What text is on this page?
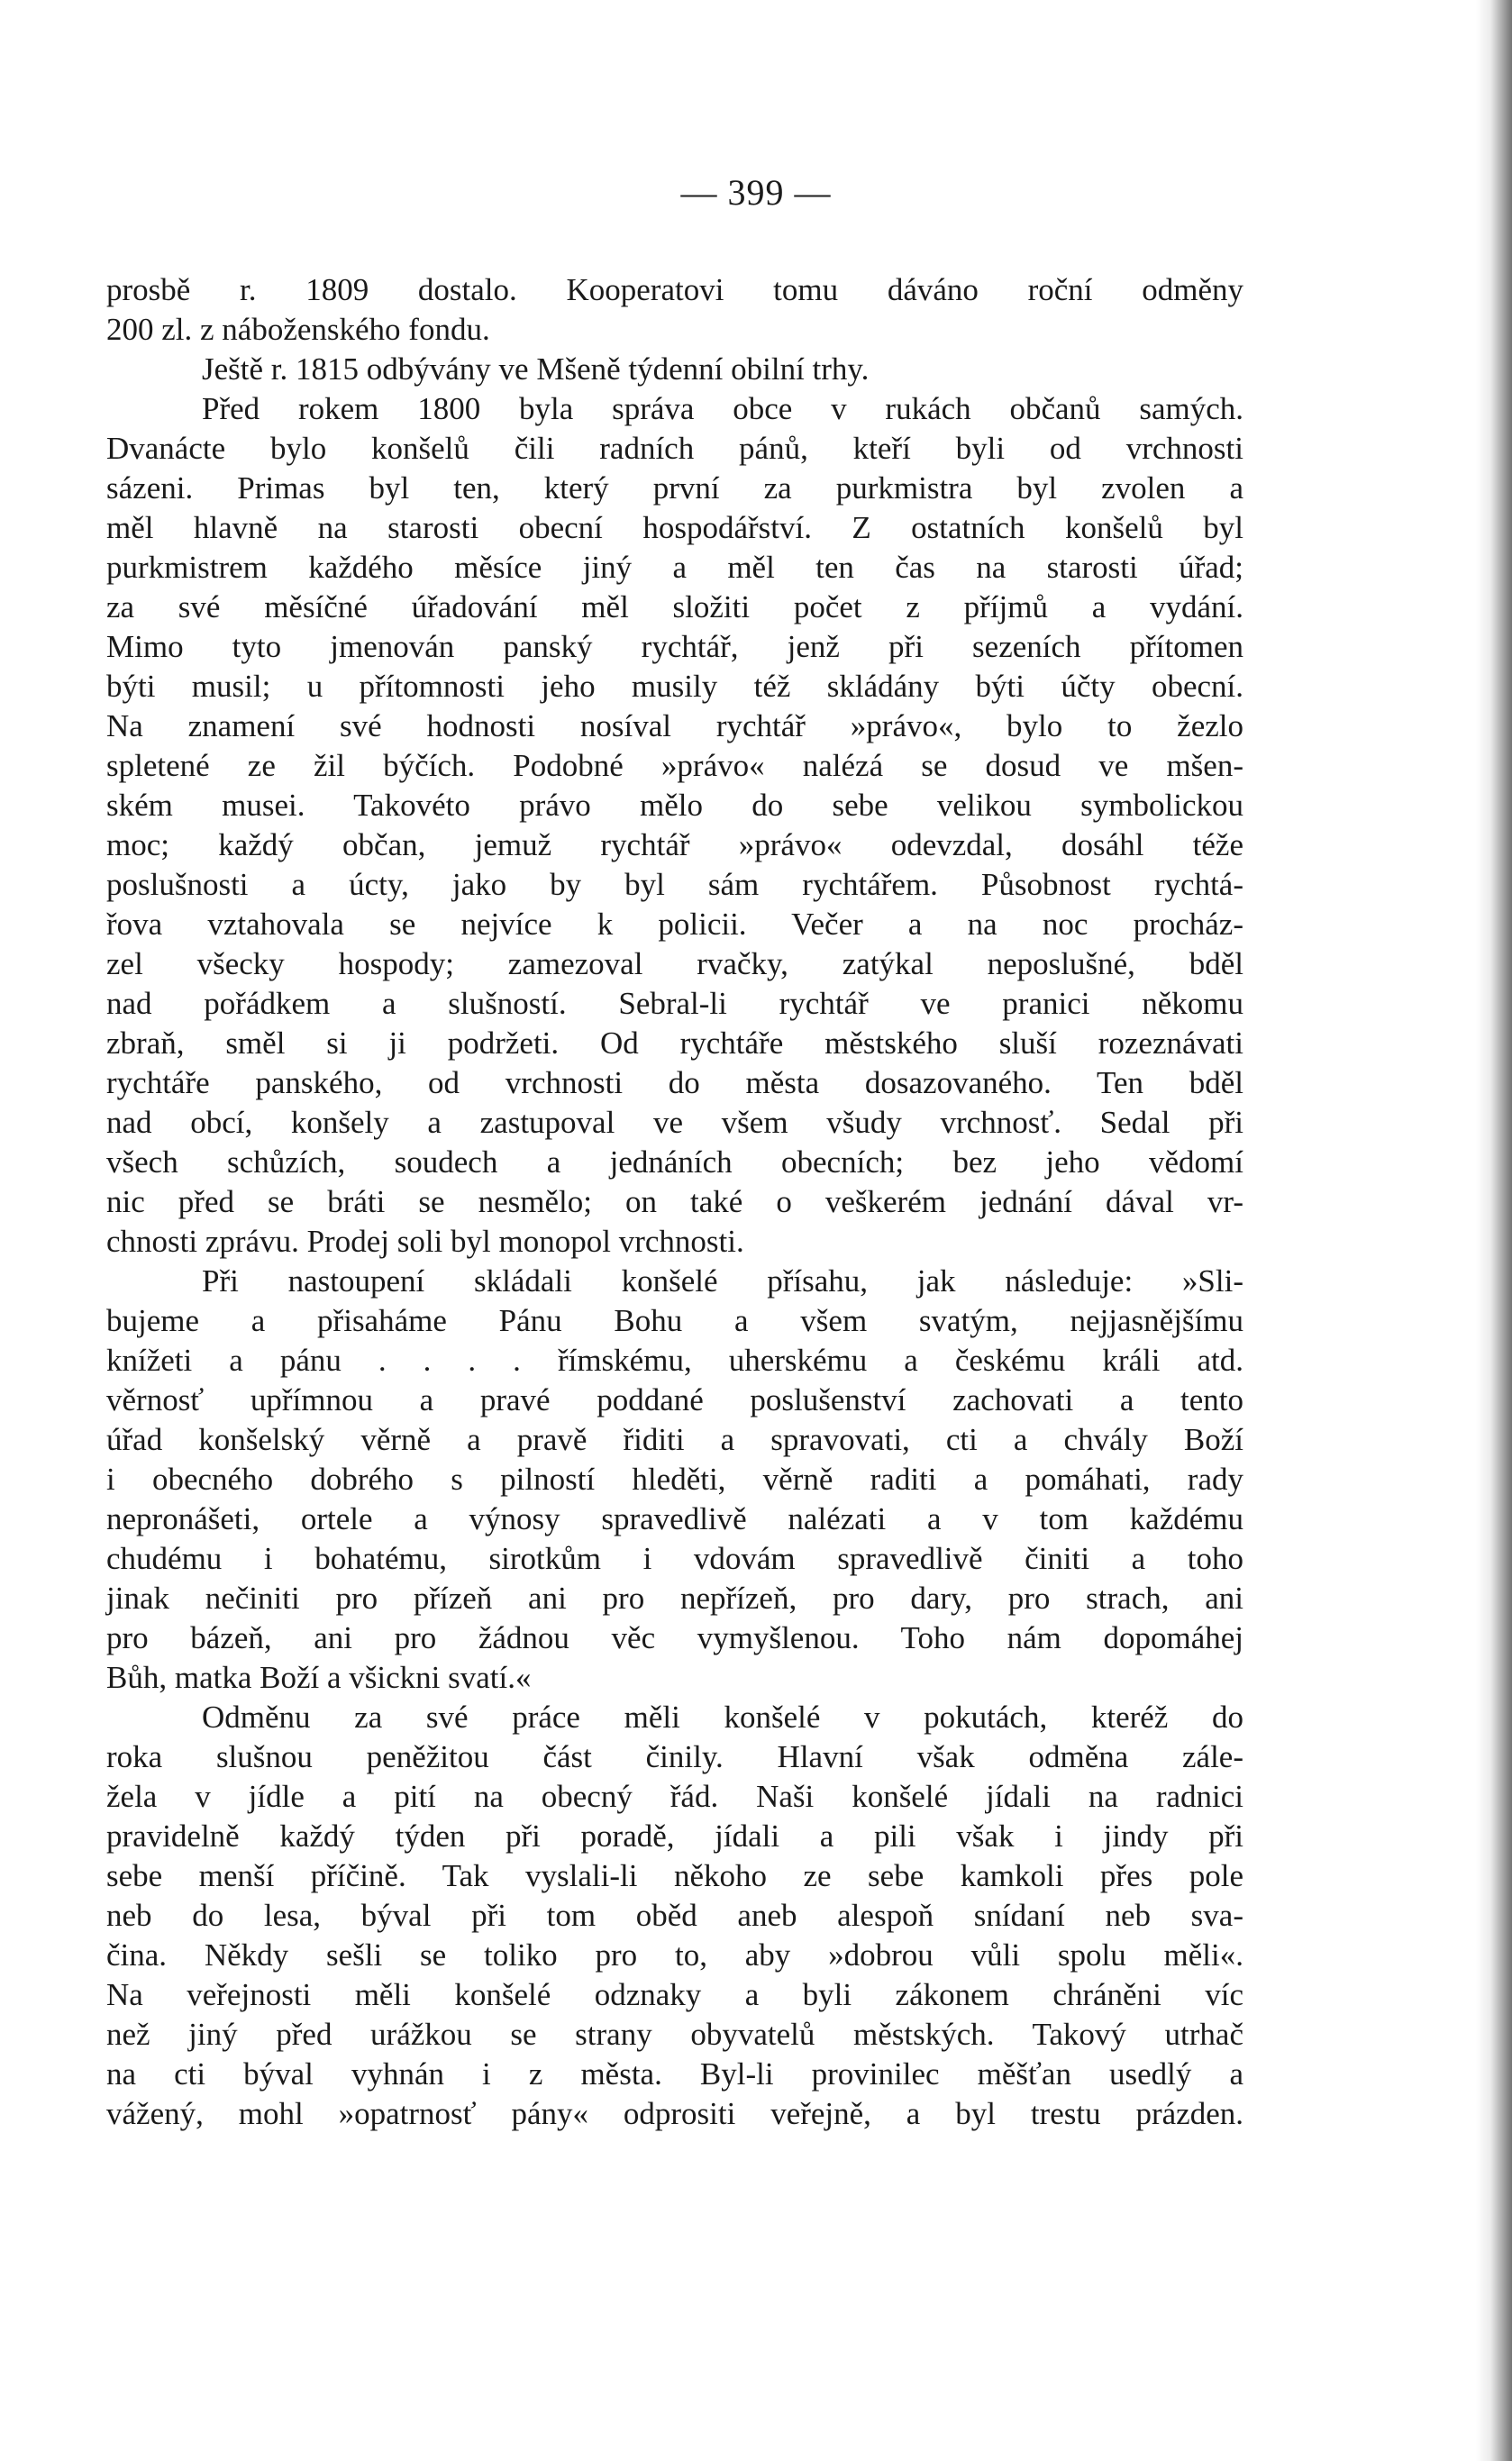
— 399 —
prosbě r. 1809 dostalo. Kooperatovi tomu dáváno roční odměny
200 zl. z náboženského fondu.
Ještě r. 1815 odbývány ve Mšeně týdenní obilní trhy.
Před rokem 1800 byla správa obce v rukách občanů samých.
Dvanácte bylo konšelů čili radních pánů, kteří byli od vrchnosti
sázeni. Primas byl ten, který první za purkmistra byl zvolen a
měl hlavně na starosti obecní hospodářství. Z ostatních konšelů byl
purkmistrem každého měsíce jiný a měl ten čas na starosti úřad;
za své měsíčné úřadování měl složiti počet z příjmů a vydání.
Mimo tyto jmenován panský rychtář, jenž při sezeních přítomen
býti musil; u přítomnosti jeho musily též skládány býti účty obecní.
Na znamení své hodnosti nosíval rychtář »právo«, bylo to žezlo
spletené ze žil býčích. Podobné »právo« nalézá se dosud ve mšen-
ském musei. Takovéto právo mělo do sebe velikou symbolickou
moc; každý občan, jemuž rychtář »právo« odevzdal, dosáhl téže
poslušnosti a úcty, jako by byl sám rychtářem. Působnost rychtá-
řova vztahovala se nejvíce k policii. Večer a na noc procház-
zel všecky hospody; zamezoval rvačky, zatýkal neposlušné, bděl
nad pořádkem a slušností. Sebral-li rychtář ve pranici někomu
zbraň, směl si ji podržeti. Od rychtáře městského sluší rozeznávati
rychtáře panského, od vrchnosti do města dosazovaného. Ten bděl
nad obcí, konšely a zastupoval ve všem všudy vrchnosť. Sedal při
všech schůzích, soudech a jednáních obecních; bez jeho vědomí
nic před se bráti se nesmělo; on také o veškerém jednání dával vr-
chnosti zprávu. Prodej soli byl monopol vrchnosti.
Při nastoupení skládali konšelé přísahu, jak následuje: »Sli-
bujeme a přisaháme Pánu Bohu a všem svatým, nejjasnějšímu
knížeti a pánu . . . . římskému, uherskému a českému králi atd.
věrnosť upřímnou a pravé poddané poslušenství zachovati a tento
úřad konšelský věrně a pravě řiditi a spravovati, cti a chvály Boží
i obecného dobrého s pilností hleděti, věrně raditi a pomáhati, rady
nepronášeti, ortele a výnosy spravedlivě nalézati a v tom každému
chudému i bohatému, sirotkům i vdovám spravedlivě činiti a toho
jinak nečiniti pro přízeň ani pro nepřízeň, pro dary, pro strach, ani
pro bázeň, ani pro žádnou věc vymyšlenou. Toho nám dopomáhej
Bůh, matka Boží a všickni svatí.«
Odměnu za své práce měli konšelé v pokutách, kteréž do
roka slušnou peněžitou část činily. Hlavní však odměna zále-
žela v jídle a pití na obecný řád. Naši konšelé jídali na radnici
pravidelně každý týden při poradě, jídali a pili však i jindy při
sebe menší příčině. Tak vyslali-li někoho ze sebe kamkoli přes pole
neb do lesa, býval při tom oběd aneb alespoň snídaní neb sva-
čina. Někdy sešli se toliko pro to, aby »dobrou vůli spolu měli«.
Na veřejnosti měli konšelé odznaky a byli zákonem chráněni víc
než jiný před urážkou se strany obyvatelů městských. Takový utrhač
na cti býval vyhnán i z města. Byl-li provinilec měšťan usedlý a
vážený, mohl »opatrnosť pány« odprositi veřejně, a byl trestu prázden.
